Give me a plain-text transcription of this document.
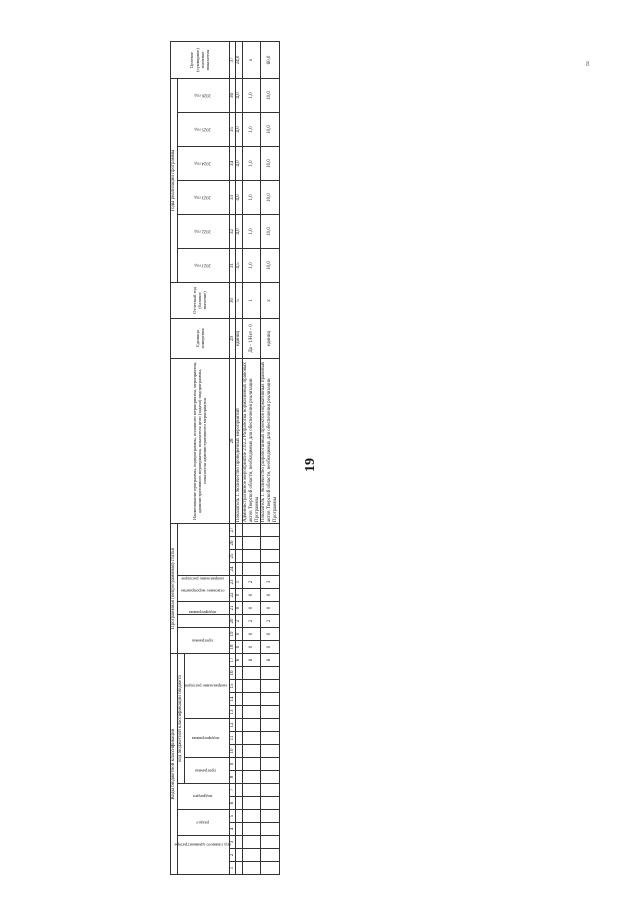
19
8
Коды бюджетной классификации																	Программная (непрограммная) статья										Наименование программы, подпрограммы, основного мероприятия, мероприятия, административного мероприятия, показателя цели (задачи) подпрограммы, показателя административного мероприятия	Единица измерения	Отчетный год (базовое значение)	Годы реализации программы						Целевое (суммарное) значение показателя
код главного администратора			раздел		подраздел		код бюджетной классификации бюджета										программа		подпрограмма	основное мероприятие	направление расходов									2021 год	2022 год	2023 год	2024 год	2025 год	2026 год	
							программа		подпрограмма			направление расходов																								
1	2	3	4	5	6	7	8	9	10	11	12	13	14	15	16	17	18	19	20	21	22	23	24	25	26	27	28	29	30	31	32	33	34	35	36	37
																6	0	0	2	0	0	1					Показатель 1. Количество проведенных мероприятий	единиц	5	4,5	4,0	4,0	4,0	4,0	4,0	24,0
																6	0	0	2	0	0	2					Административное мероприятие 2.02.2 Разработка нормативных правовых актов Тверской области, необходимых для обеспечения реализации Программы	Да - 1/Нет - 0	1	1,0	1,0	1,0	1,0	1,0	1,0	х
																6	0	0	2	0	0	3					Показатель 1. Количество разработанных проектов нормативных правовых актов Тверской области, необходимых для обеспечения реализации Программы	единиц	х	10,0	10,0	10,0	10,0	10,0	10,0	60,0
